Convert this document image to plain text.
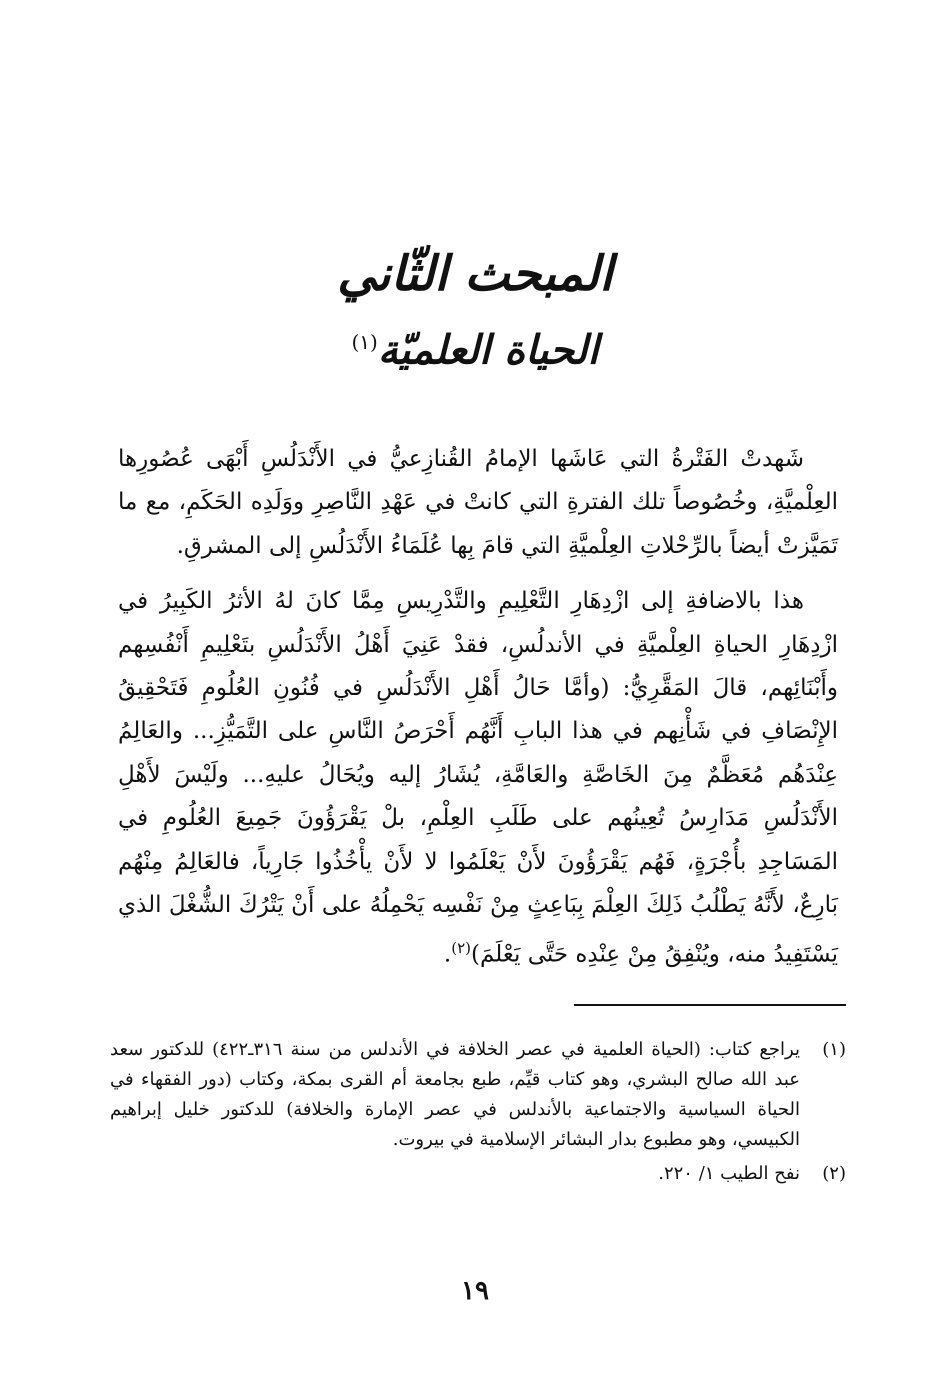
المبحث الثّاني
الحياة العلميّة$^{(١)}$

شَهدتْ الفَتْرةُ التي عَاشَها الإمامُ القُنازِعيُّ في الأَنْدَلُسِ أَبْهَى عُصُورِها العِلْميَّةِ، وخُصُوصاً تلك الفترةِ التي كانتْ في عَهْدِ النَّاصِرِ ووَلَدِه الحَكَمِ، مع ما تَمَيَّزتْ أيضاً بالرِّحْلاتِ العِلْميَّةِ التي قامَ بِها عُلَمَاءُ الأَنْدَلُسِ إلى المشرقِ.

هذا بالاضافةِ إلى ازْدِهَارِ التَّعْلِيمِ والتَّدْرِيسِ مِمَّا كانَ لهُ الأثرُ الكَبِيرُ في ازْدِهَارِ الحياةِ العِلْميَّةِ في الأندلُسِ، فقدْ عَنِيَ أَهْلُ الأَنْدَلُسِ بتَعْلِيمِ أَنْفُسِهم وأَبْنَائِهم، قالَ المَقَّرِيُّ: (وأمَّا حَالُ أَهْلِ الأَنْدَلُسِ في فُنُونِ العُلُومِ فَتَحْقِيقُ الإِنْصَافِ في شَأْنِهم في هذا البابِ أَنَّهُم أَحْرَصُ النَّاسِ على التَّمَيُّزِ... والعَالِمُ عِنْدَهُم مُعَظَّمٌ مِنَ الخَاصَّةِ والعَامَّةِ، يُشَارُ إليه ويُحَالُ عليهِ... ولَيْسَ لأَهْلِ الأَنْدَلُسِ مَدَارِسُ تُعِينُهم على طَلَبِ العِلْمِ، بلْ يَقْرَؤُونَ جَمِيعَ العُلُومِ في المَسَاجِدِ بأُجْرَةٍ، فَهُم يَقْرَؤُونَ لأَنْ يَعْلَمُوا لا لأَنْ يأْخُذُوا جَارِياً، فالعَالِمُ مِنْهُم بَارِعٌ، لأَنَّهُ يَطْلُبُ ذَلِكَ العِلْمَ بِبَاعِثٍ مِنْ نَفْسِه يَحْمِلُهُ على أَنْ يَتْرُكَ الشُّغْلَ الذي يَسْتَفِيدُ منه، ويُنْفِقُ مِنْ عِنْدِه حَتَّى يَعْلَمَ)$^{(٢)}$.

(١)
يراجع كتاب: (الحياة العلمية في عصر الخلافة في الأندلس من سنة ٣١٦ـ٤٢٢) للدكتور سعد عبد الله صالح البشري، وهو كتاب قيِّم، طبع بجامعة أم القرى بمكة، وكتاب (دور الفقهاء في الحياة السياسية والاجتماعية بالأندلس في عصر الإمارة والخلافة) للدكتور خليل إبراهيم الكبيسي، وهو مطبوع بدار البشائر الإسلامية في بيروت.
(٢)
نفح الطيب ١/ ٢٢٠.
١٩
